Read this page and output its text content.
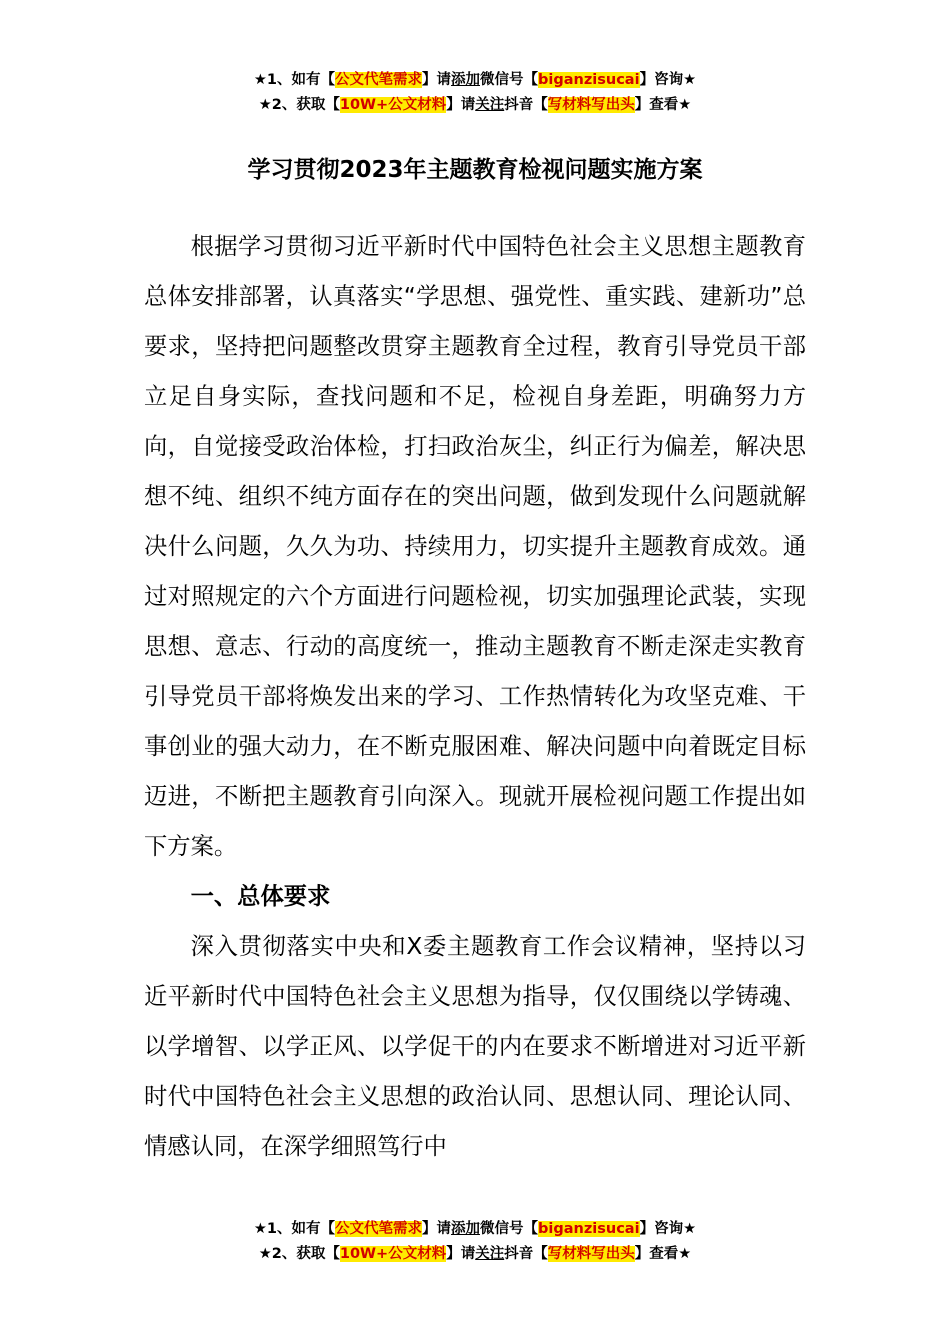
★1、如有【公文代笔需求】请添加微信号【biganzisucai】咨询★
★2、获取【10W+公文材料】请关注抖音【写材料写出头】查看★
学习贯彻2023年主题教育检视问题实施方案

根据学习贯彻习近平新时代中国特色社会主义思想主题教育总体安排部署，认真落实“学思想、强党性、重实践、建新功”总要求，坚持把问题整改贯穿主题教育全过程，教育引导党员干部立足自身实际，查找问题和不足，检视自身差距，明确努力方向，自觉接受政治体检，打扫政治灰尘，纠正行为偏差，解决思想不纯、组织不纯方面存在的突出问题，做到发现什么问题就解决什么问题，久久为功、持续用力，切实提升主题教育成效。通过对照规定的六个方面进行问题检视，切实加强理论武装，实现思想、意志、行动的高度统一，推动主题教育不断走深走实教育引导党员干部将焕发出来的学习、工作热情转化为攻坚克难、干事创业的强大动力，在不断克服困难、解决问题中向着既定目标迈进，不断把主题教育引向深入。现就开展检视问题工作提出如下方案。

一、总体要求

深入贯彻落实中央和X委主题教育工作会议精神，坚持以习近平新时代中国特色社会主义思想为指导，仅仅围绕以学铸魂、以学增智、以学正风、以学促干的内在要求不断增进对习近平新时代中国特色社会主义思想的政治认同、思想认同、理论认同、情感认同，在深学细照笃行中

★1、如有【公文代笔需求】请添加微信号【biganzisucai】咨询★
★2、获取【10W+公文材料】请关注抖音【写材料写出头】查看★
